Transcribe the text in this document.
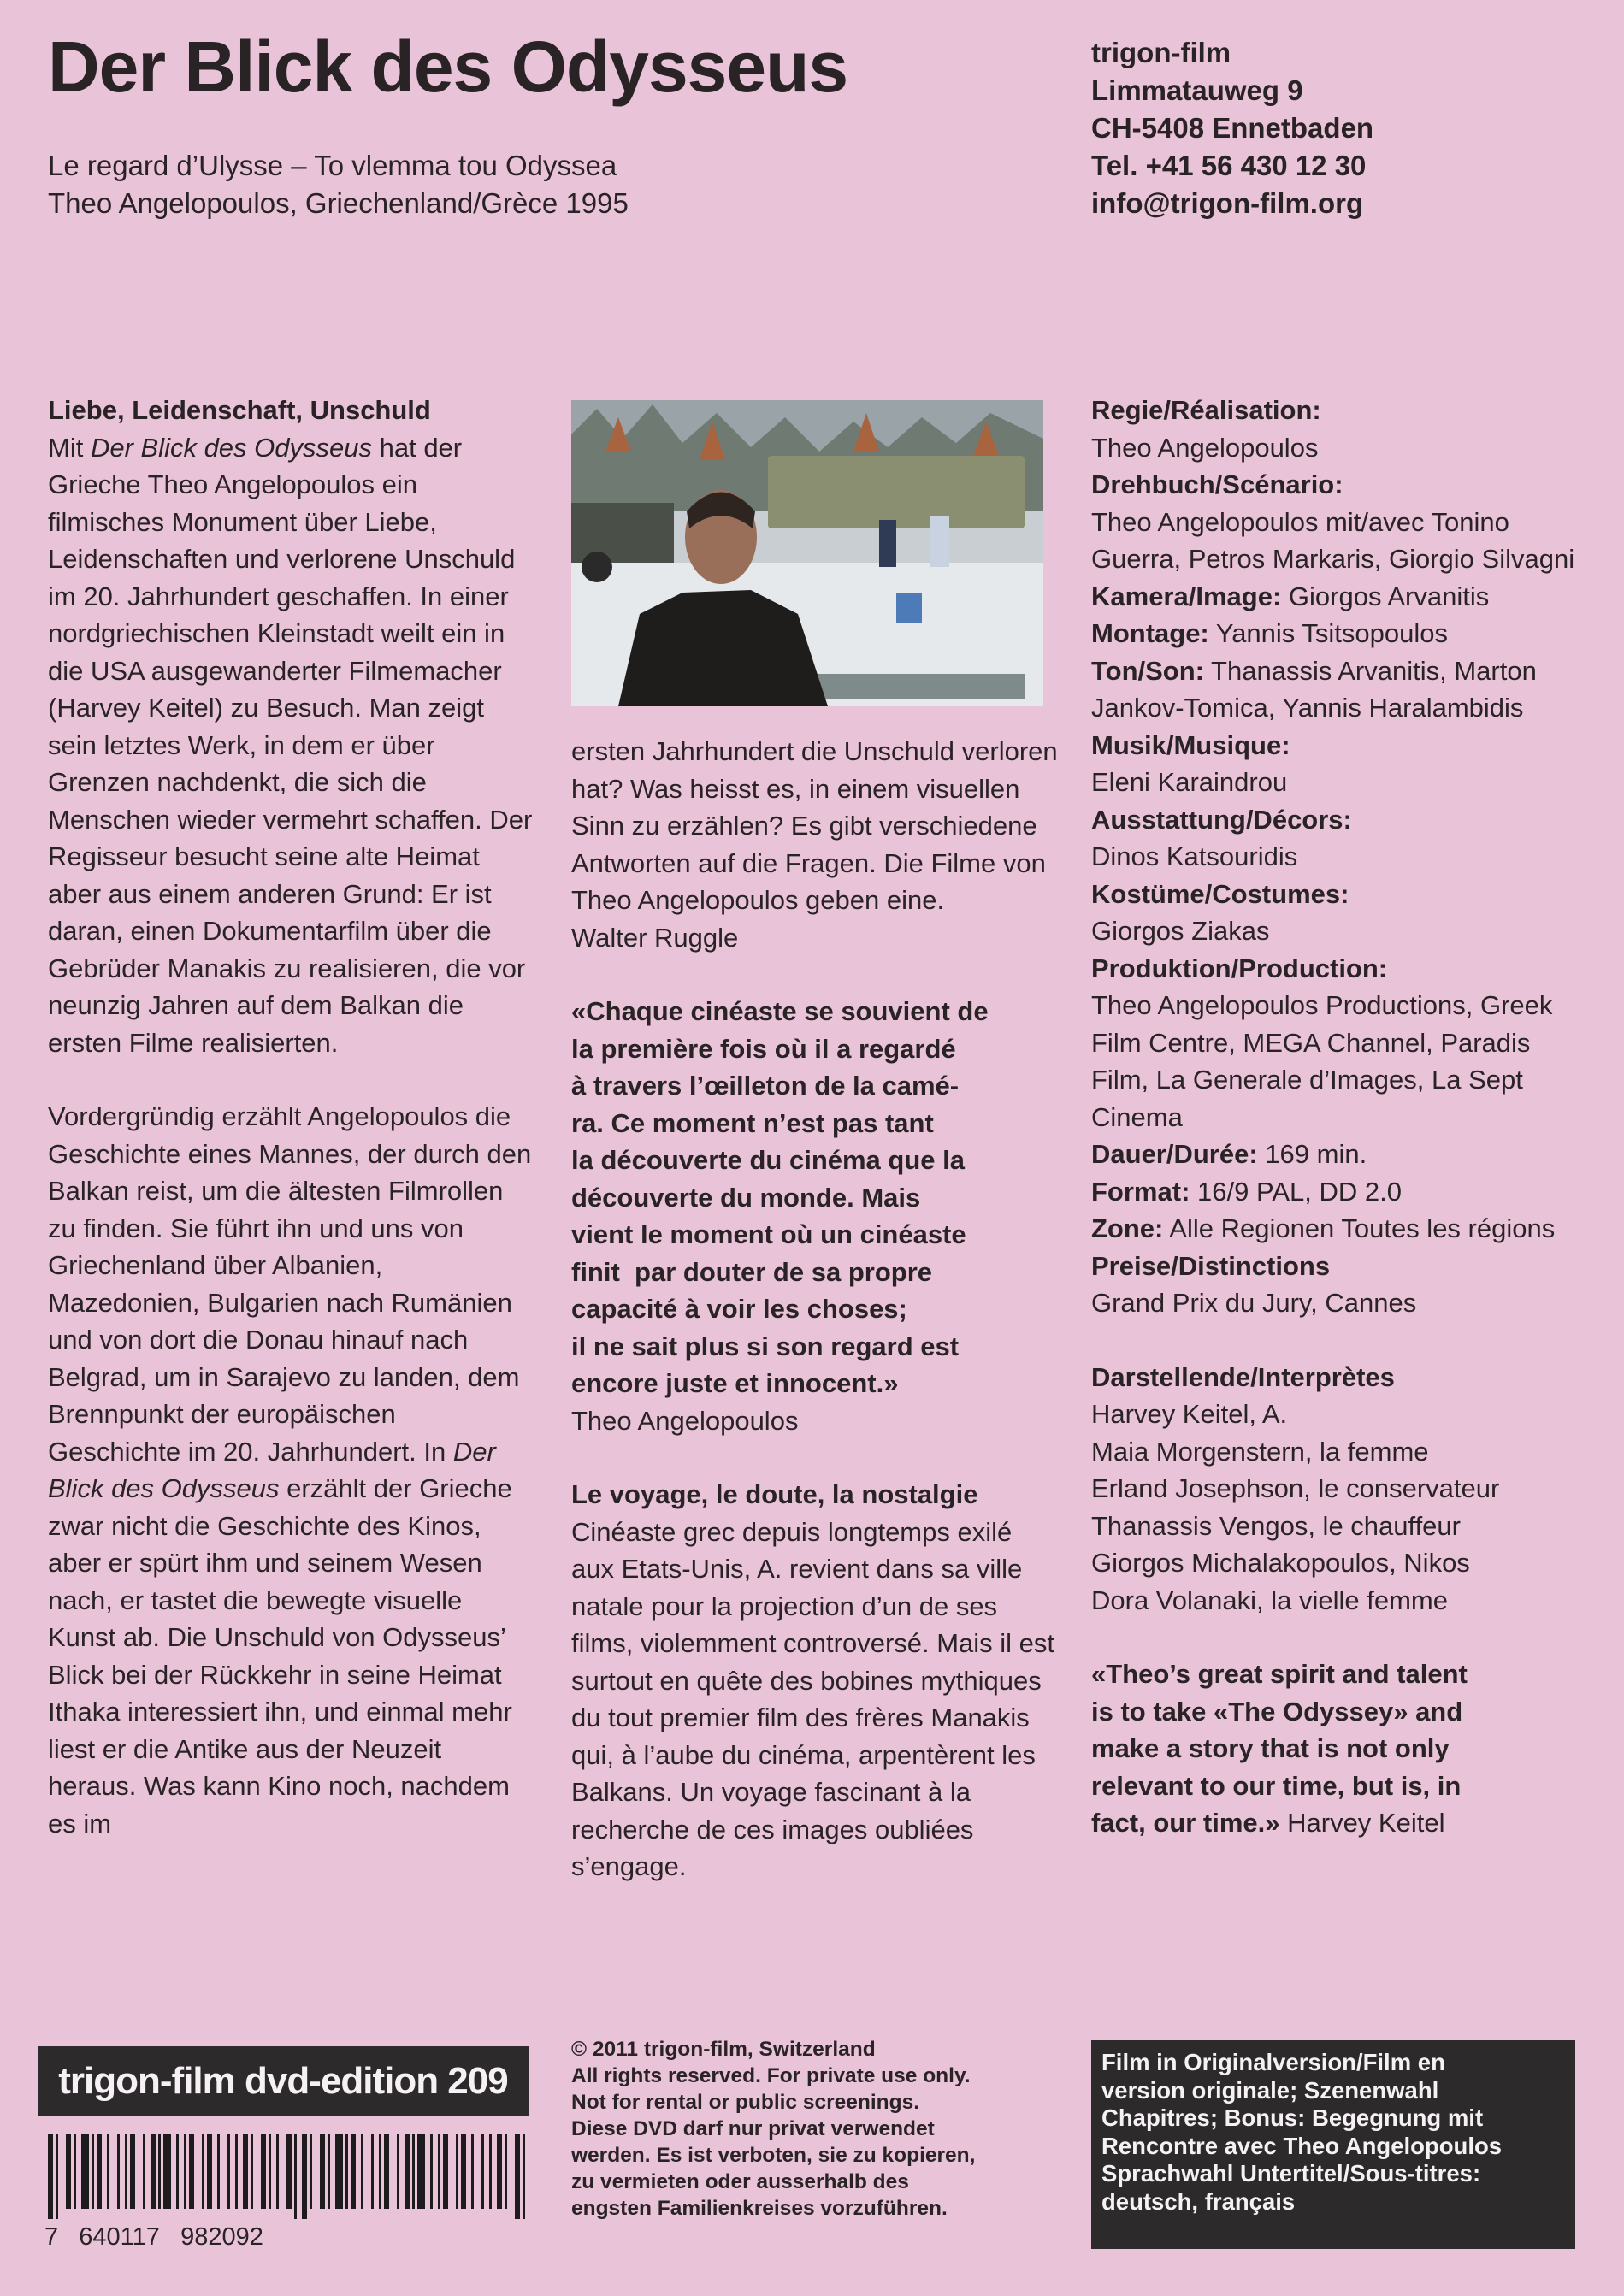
Der Blick des Odysseus
Le regard d’Ulysse – To vlemma tou Odyssea
Theo Angelopoulos, Griechenland/Grèce 1995
trigon-film
Limmatauweg 9
CH-5408 Ennetbaden
Tel. +41 56 430 12 30
info@trigon-film.org

Liebe, Leidenschaft, Unschuld

Mit Der Blick des Odysseus hat der Grieche Theo Angelopoulos ein filmisches Monument über Liebe, Leidenschaften und verlorene Unschuld im 20. Jahrhundert geschaffen. In einer nordgriechischen Kleinstadt weilt ein in die USA ausgewanderter Filmemacher (Harvey Keitel) zu Besuch. Man zeigt sein letztes Werk, in dem er über Grenzen nachdenkt, die sich die Menschen wieder vermehrt schaffen. Der Regisseur besucht seine alte Heimat aber aus einem anderen Grund: Er ist daran, einen Dokumentarfilm über die Gebrüder Manakis zu realisieren, die vor neunzig Jahren auf dem Balkan die ersten Filme realisierten.

Vordergründig erzählt Angelopoulos die Geschichte eines Mannes, der durch den Balkan reist, um die ältesten Filmrollen zu finden. Sie führt ihn und uns von Griechenland über Albanien, Mazedonien, Bulgarien nach Rumänien und von dort die Donau hinauf nach Belgrad, um in Sarajevo zu landen, dem Brennpunkt der europäischen Geschichte im 20. Jahrhundert. In Der Blick des Odysseus erzählt der Grieche zwar nicht die Geschichte des Kinos, aber er spürt ihm und seinem Wesen nach, er tastet die bewegte visuelle Kunst ab. Die Unschuld von Odysseus’ Blick bei der Rückkehr in seine Heimat Ithaka interessiert ihn, und einmal mehr liest er die Antike aus der Neuzeit heraus. Was kann Kino noch, nachdem es im

ersten Jahrhundert die Unschuld verloren hat? Was heisst es, in einem visuellen Sinn zu erzählen? Es gibt verschiedene Antworten auf die Fragen. Die Filme von Theo Angelopoulos geben eine.

Walter Ruggle

«Chaque cinéaste se souvient de
la première fois où il a regardé
à travers l’œilleton de la camé-
ra. Ce moment n’est pas tant
la découverte du cinéma que la
découverte du monde. Mais
vient le moment où un cinéaste
finit  par douter de sa propre
capacité à voir les choses;
il ne sait plus si son regard est
encore juste et innocent.»

Theo Angelopoulos

Le voyage, le doute, la nostalgie

Cinéaste grec depuis longtemps exilé aux Etats-Unis, A. revient dans sa ville natale pour la projection d’un de ses films, violemment controversé. Mais il est surtout en quête des bobines mythiques du tout premier film des frères Manakis qui, à l’aube du cinéma, arpentèrent les Balkans. Un voyage fascinant à la recherche de ces images oubliées s’engage.

Regie/Réalisation:
Theo Angelopoulos
Drehbuch/Scénario:
Theo Angelopoulos mit/avec Tonino Guerra, Petros Markaris, Giorgio Silvagni
Kamera/Image: Giorgos Arvanitis
Montage: Yannis Tsitsopoulos
Ton/Son: Thanassis Arvanitis, Marton Jankov-Tomica, Yannis Haralambidis
Musik/Musique:
Eleni Karaindrou
Ausstattung/Décors:
Dinos Katsouridis
Kostüme/Costumes:
Giorgos Ziakas
Produktion/Production:
Theo Angelopoulos Productions, Greek Film Centre, MEGA Channel, Paradis Film, La Generale d’Images, La Sept Cinema
Dauer/Durée: 169 min.
Format: 16/9 PAL, DD 2.0
Zone: Alle Regionen Toutes les régions
Preise/Distinctions
Grand Prix du Jury, Cannes

Darstellende/Interprètes

Harvey Keitel, A.
Maia Morgenstern, la femme
Erland Josephson, le conservateur
Thanassis Vengos, le chauffeur
Giorgos Michalakopoulos, Nikos
Dora Volanaki, la vielle femme
«Theo’s great spirit and talent
is to take «The Odyssey» and
make a story that is not only
relevant to our time, but is, in
fact, our time.» Harvey Keitel
trigon-film dvd-edition 209
7   640117   982092
© 2011 trigon-film, Switzerland
All rights reserved. For private use only.
Not for rental or public screenings.
Diese DVD darf nur privat verwendet
werden. Es ist verboten, sie zu kopieren,
zu vermieten oder ausserhalb des
engsten Familienkreises vorzuführen.
Film in Originalversion/Film en
version originale; Szenenwahl
Chapitres; Bonus: Begegnung mit
Rencontre avec Theo Angelopoulos
Sprachwahl Untertitel/Sous-titres:
deutsch, français
